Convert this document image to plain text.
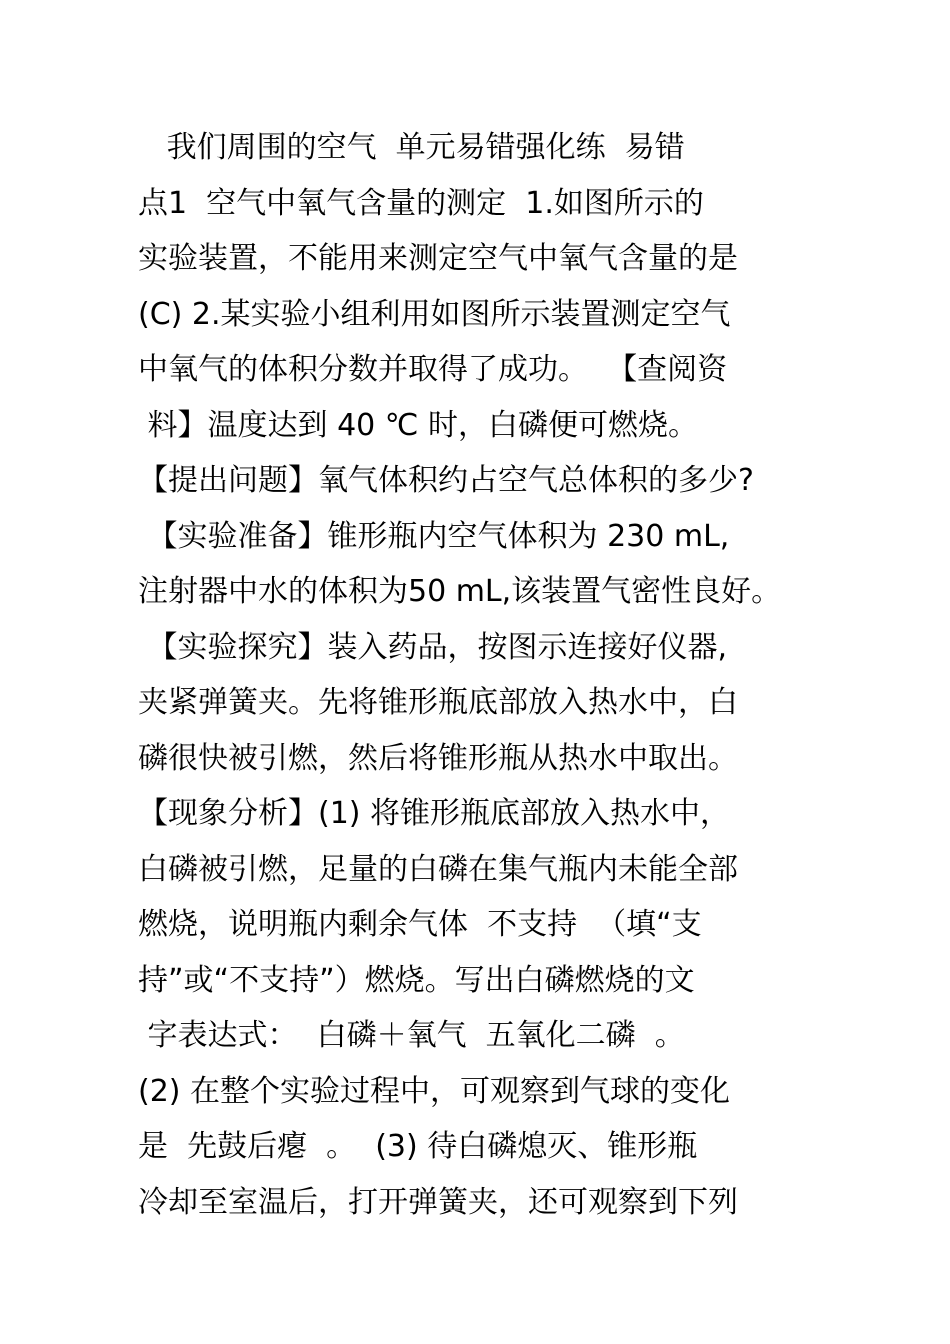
我们周围的空气  单元易错强化练  易错
点1  空气中氧气含量的测定  1.如图所示的
实验装置，不能用来测定空气中氧气含量的是
(C) 2.某实验小组利用如图所示装置测定空气
中氧气的体积分数并取得了成功。  【查阅资
料】温度达到 40 ℃ 时，白磷便可燃烧。
【提出问题】氧气体积约占空气总体积的多少?
【实验准备】锥形瓶内空气体积为 230 mL,
注射器中水的体积为50 mL,该装置气密性良好。
【实验探究】装入药品，按图示连接好仪器,
夹紧弹簧夹。先将锥形瓶底部放入热水中，白
磷很快被引燃，然后将锥形瓶从热水中取出。
【现象分析】(1) 将锥形瓶底部放入热水中，
白磷被引燃，足量的白磷在集气瓶内未能全部
燃烧，说明瓶内剩余气体  不支持  （填“支
持”或“不支持”）燃烧。写出白磷燃烧的文
字表达式：  白磷＋氧气  五氧化二磷  。
(2) 在整个实验过程中，可观察到气球的变化
是  先鼓后瘪  。  (3) 待白磷熄灭、锥形瓶
冷却至室温后，打开弹簧夹，还可观察到下列
